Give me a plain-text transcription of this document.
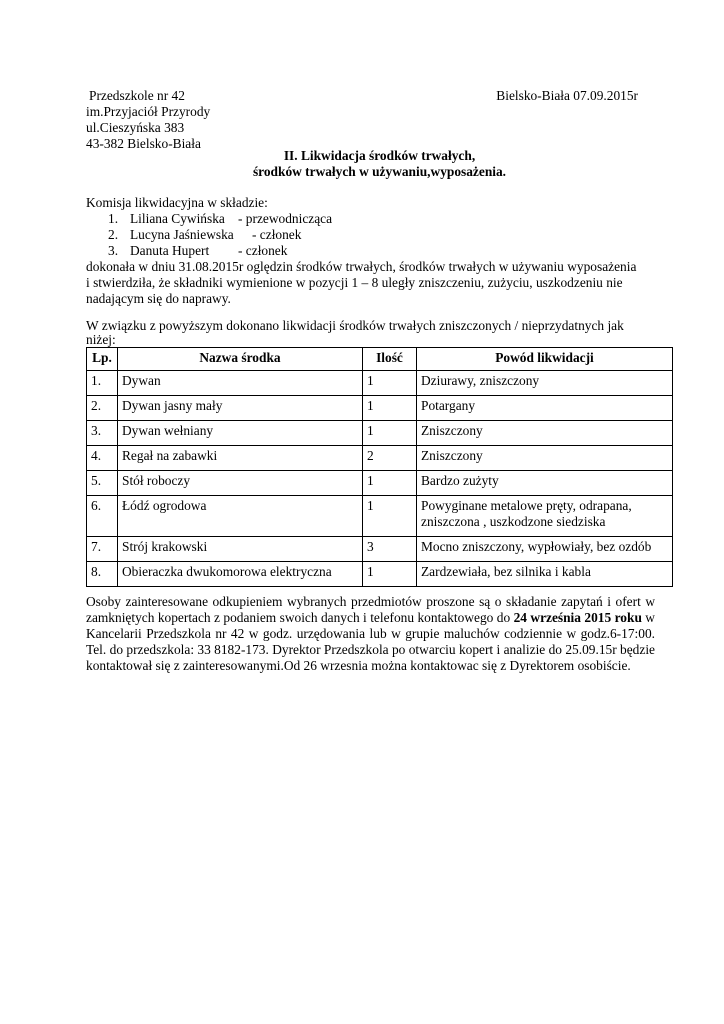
Przedszkole nr 42
im.Przyjaciół Przyrody
ul.Cieszyńska 383
43-382 Bielsko-Biała
Bielsko-Biała 07.09.2015r
II. Likwidacja środków trwałych,
środków trwałych w używaniu,wyposażenia.
Komisja likwidacyjna w składzie:
1. Liliana Cywińska - przewodnicząca
2. Lucyna Jaśniewska - członek
3. Danuta Hupert - członek
dokonała w dniu 31.08.2015r oględzin środków trwałych, środków trwałych w używaniu wyposażenia
i stwierdziła, że składniki wymienione w pozycji 1 – 8 uległy zniszczeniu, zużyciu, uszkodzeniu nie
nadającym się do naprawy.
W związku z powyższym dokonano likwidacji środków trwałych zniszczonych / nieprzydatnych jak
niżej:
Lp.	Nazwa środka	Ilość	Powód likwidacji
1.	Dywan	1	Dziurawy, zniszczony
2.	Dywan jasny mały	1	Potargany
3.	Dywan wełniany	1	Zniszczony
4.	Regał na zabawki	2	Zniszczony
5.	Stół roboczy	1	Bardzo zużyty
6.	Łódź ogrodowa	1	Powyginane metalowe pręty, odrapana, zniszczona , uszkodzone siedziska
7.	Strój krakowski	3	Mocno zniszczony, wypłowiały, bez ozdób
8.	Obieraczka dwukomorowa elektryczna	1	Zardzewiała, bez silnika i kabla
Osoby zainteresowane odkupieniem wybranych przedmiotów proszone są o składanie zapytań i ofert w zamkniętych kopertach z podaniem swoich danych i telefonu kontaktowego do 24 września 2015 roku w Kancelarii Przedszkola nr 42 w godz. urzędowania lub w grupie maluchów codziennie w godz.6-17:00. Tel. do przedszkola: 33 8182-173. Dyrektor Przedszkola po otwarciu kopert i analizie do 25.09.15r będzie kontaktował się z zainteresowanymi.Od 26 wrzesnia można kontaktowac się z Dyrektorem osobiście.
